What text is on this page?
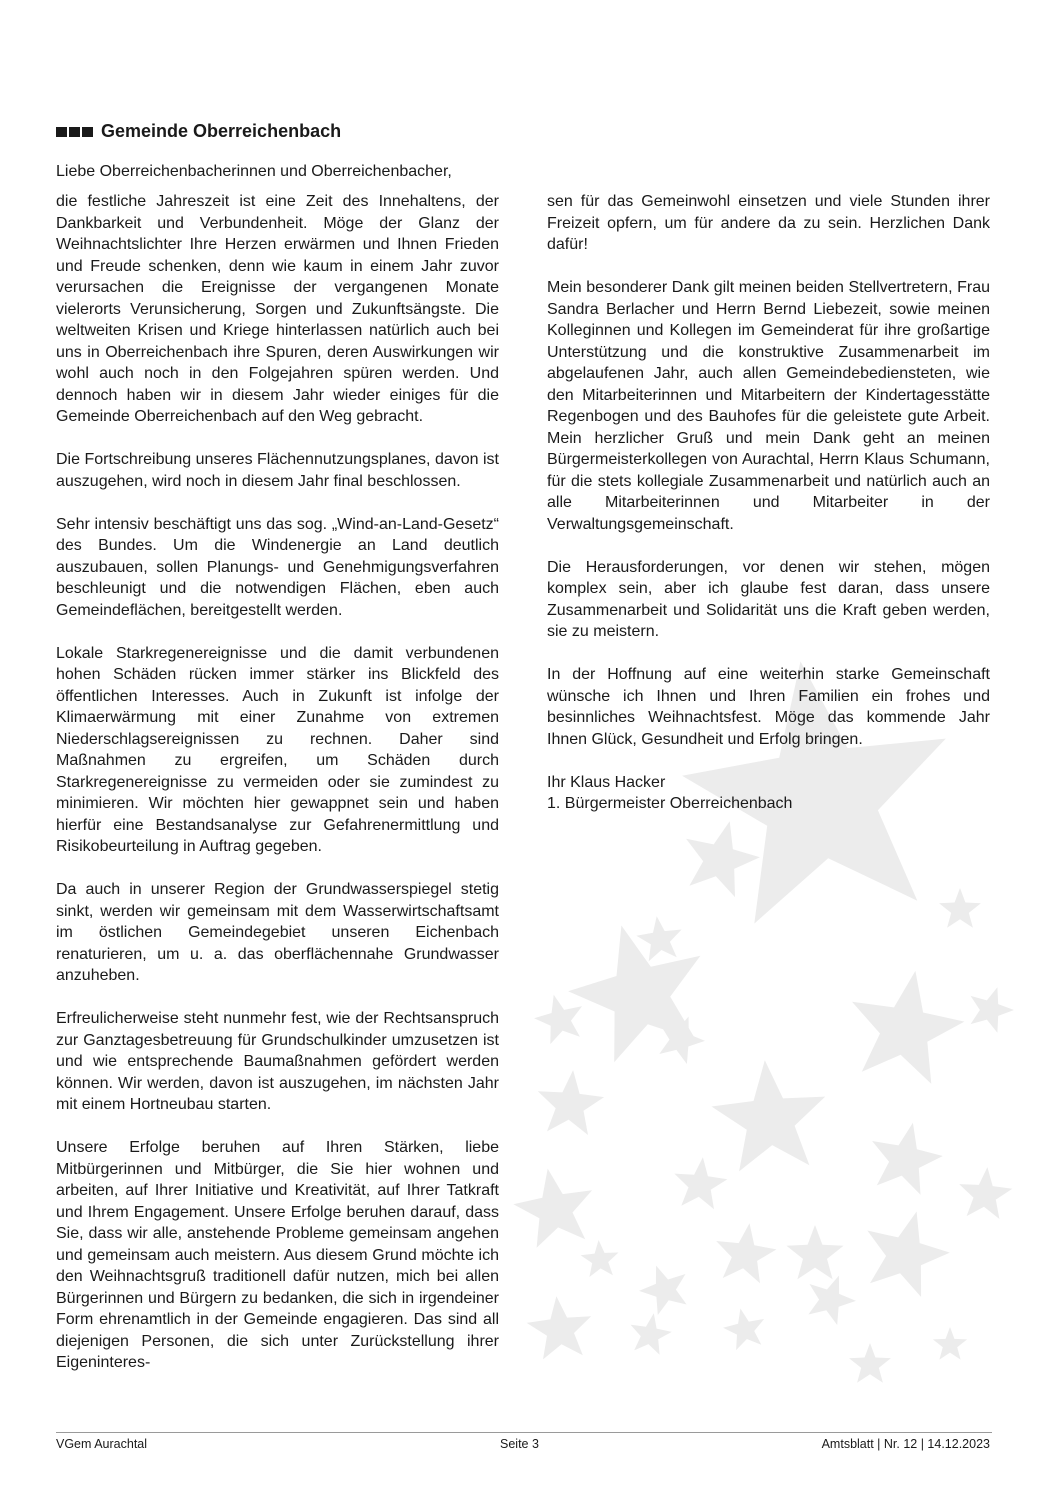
Gemeinde Oberreichenbach
Liebe Oberreichenbacherinnen und Oberreichenbacher,

die festliche Jahreszeit ist eine Zeit des Innehaltens, der Dankbarkeit und Verbundenheit. Möge der Glanz der Weihnachtslichter Ihre Herzen erwärmen und Ihnen Frieden und Freude schenken, denn wie kaum in einem Jahr zuvor verursachen die Ereignisse der vergangenen Monate vielerorts Verunsicherung, Sorgen und Zukunftsängste. Die weltweiten Krisen und Kriege hinterlassen natürlich auch bei uns in Oberreichenbach ihre Spuren, deren Auswirkungen wir wohl auch noch in den Folgejahren spüren werden. Und dennoch haben wir in diesem Jahr wieder einiges für die Gemeinde Oberreichenbach auf den Weg gebracht.

Die Fortschreibung unseres Flächennutzungsplanes, davon ist auszugehen, wird noch in diesem Jahr final beschlossen.

Sehr intensiv beschäftigt uns das sog. „Wind-an-Land-Gesetz“ des Bundes. Um die Windenergie an Land deutlich auszubauen, sollen Planungs- und Genehmigungsverfahren beschleunigt und die notwendigen Flächen, eben auch Gemeindeflächen, bereitgestellt werden.

Lokale Starkregenereignisse und die damit verbundenen hohen Schäden rücken immer stärker ins Blickfeld des öffentlichen Interesses. Auch in Zukunft ist infolge der Klimaerwärmung mit einer Zunahme von extremen Niederschlagsereignissen zu rechnen. Daher sind Maßnahmen zu ergreifen, um Schäden durch Starkregenereignisse zu vermeiden oder sie zumindest zu minimieren. Wir möchten hier gewappnet sein und haben hierfür eine Bestandsanalyse zur Gefahrenermittlung und Risikobeurteilung in Auftrag gegeben.

Da auch in unserer Region der Grundwasserspiegel stetig sinkt, werden wir gemeinsam mit dem Wasserwirtschaftsamt im östlichen Gemeindegebiet unseren Eichenbach renaturieren, um u. a. das oberflächennahe Grundwasser anzuheben.

Erfreulicherweise steht nunmehr fest, wie der Rechtsanspruch zur Ganztagesbetreuung für Grundschulkinder umzusetzen ist und wie entsprechende Baumaßnahmen gefördert werden können. Wir werden, davon ist auszugehen, im nächsten Jahr mit einem Hortneubau starten.

Unsere Erfolge beruhen auf Ihren Stärken, liebe Mitbürgerinnen und Mitbürger, die Sie hier wohnen und arbeiten, auf Ihrer Initiative und Kreativität, auf Ihrer Tatkraft und Ihrem Engagement. Unsere Erfolge beruhen darauf, dass Sie, dass wir alle, anstehende Probleme gemeinsam angehen und gemeinsam auch meistern. Aus diesem Grund möchte ich den Weihnachtsgruß traditionell dafür nutzen, mich bei allen Bürgerinnen und Bürgern zu bedanken, die sich in irgendeiner Form ehrenamtlich in der Gemeinde engagieren. Das sind all diejenigen Personen, die sich unter Zurückstellung ihrer Eigeninteres-

sen für das Gemeinwohl einsetzen und viele Stunden ihrer Freizeit opfern, um für andere da zu sein. Herzlichen Dank dafür!

Mein besonderer Dank gilt meinen beiden Stellvertretern, Frau Sandra Berlacher und Herrn Bernd Liebezeit, sowie meinen Kolleginnen und Kollegen im Gemeinderat für ihre großartige Unterstützung und die konstruktive Zusammenarbeit im abgelaufenen Jahr, auch allen Gemeindebediensteten, wie den Mitarbeiterinnen und Mitarbeitern der Kindertagesstätte Regenbogen und des Bauhofes für die geleistete gute Arbeit. Mein herzlicher Gruß und mein Dank geht an meinen Bürgermeisterkollegen von Aurachtal, Herrn Klaus Schumann, für die stets kollegiale Zusammenarbeit und natürlich auch an alle Mitarbeiterinnen und Mitarbeiter in der Verwaltungsgemeinschaft.

Die Herausforderungen, vor denen wir stehen, mögen komplex sein, aber ich glaube fest daran, dass unsere Zusammenarbeit und Solidarität uns die Kraft geben werden, sie zu meistern.

In der Hoffnung auf eine weiterhin starke Gemeinschaft wünsche ich Ihnen und Ihren Familien ein frohes und besinnliches Weihnachtsfest. Möge das kommende Jahr Ihnen Glück, Gesundheit und Erfolg bringen.

Ihr Klaus Hacker

1. Bürgermeister Oberreichenbach

VGem Aurachtal	Seite 3	Amtsblatt | Nr. 12 | 14.12.2023
